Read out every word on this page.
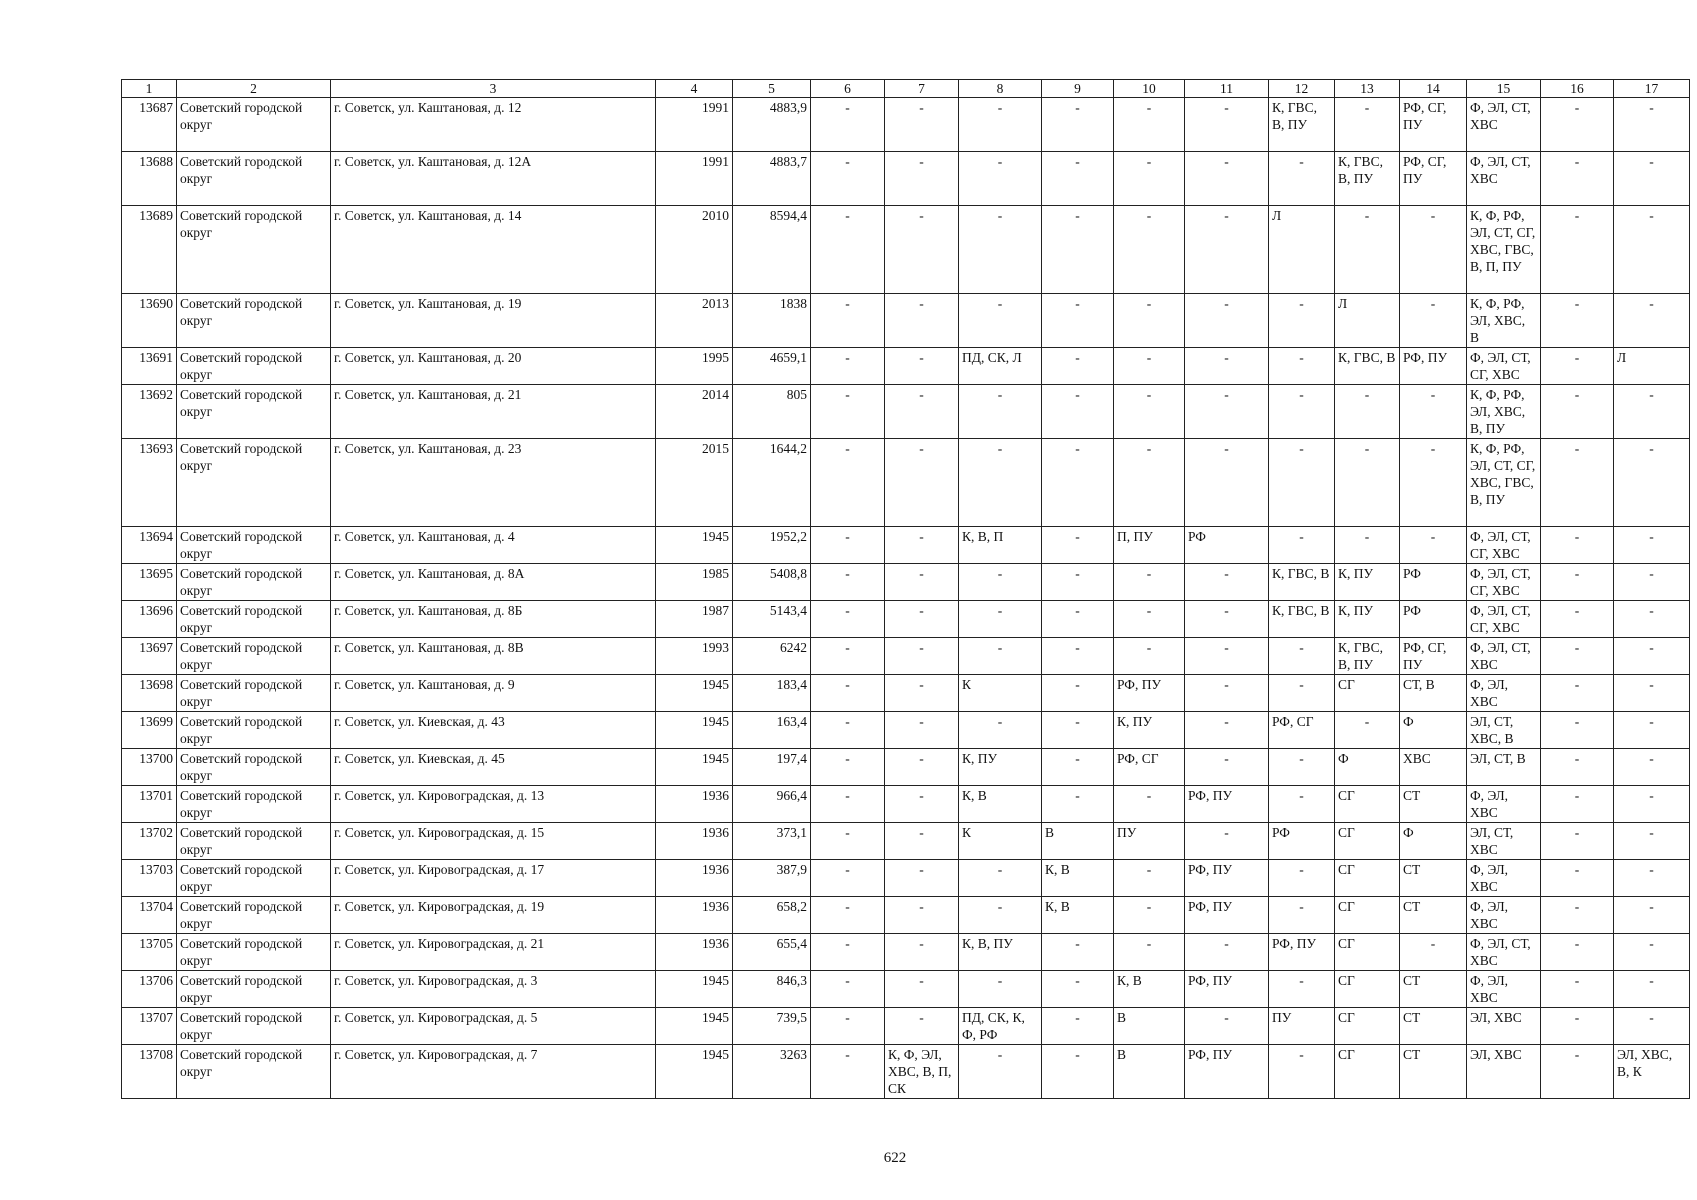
1	2	3	4	5	6	7	8	9	10	11	12	13	14	15	16	17
13687	Советский городской округ	г. Советск, ул. Каштановая, д. 12	1991	4883,9	-	-	-	-	-	-	К, ГВС, В, ПУ	-	РФ, СГ, ПУ	Ф, ЭЛ, СТ, ХВС	-	-
13688	Советский городской округ	г. Советск, ул. Каштановая, д. 12А	1991	4883,7	-	-	-	-	-	-	-	К, ГВС, В, ПУ	РФ, СГ, ПУ	Ф, ЭЛ, СТ, ХВС	-	-
13689	Советский городской округ	г. Советск, ул. Каштановая, д. 14	2010	8594,4	-	-	-	-	-	-	Л	-	-	К, Ф, РФ, ЭЛ, СТ, СГ, ХВС, ГВС, В, П, ПУ	-	-
13690	Советский городской округ	г. Советск, ул. Каштановая, д. 19	2013	1838	-	-	-	-	-	-	-	Л	-	К, Ф, РФ, ЭЛ, ХВС, В	-	-
13691	Советский городской округ	г. Советск, ул. Каштановая, д. 20	1995	4659,1	-	-	ПД, СК, Л	-	-	-	-	К, ГВС, В	РФ, ПУ	Ф, ЭЛ, СТ, СГ, ХВС	-	Л
13692	Советский городской округ	г. Советск, ул. Каштановая, д. 21	2014	805	-	-	-	-	-	-	-	-	-	К, Ф, РФ, ЭЛ, ХВС, В, ПУ	-	-
13693	Советский городской округ	г. Советск, ул. Каштановая, д. 23	2015	1644,2	-	-	-	-	-	-	-	-	-	К, Ф, РФ, ЭЛ, СТ, СГ, ХВС, ГВС, В, ПУ	-	-
13694	Советский городской округ	г. Советск, ул. Каштановая, д. 4	1945	1952,2	-	-	К, В, П	-	П, ПУ	РФ	-	-	-	Ф, ЭЛ, СТ, СГ, ХВС	-	-
13695	Советский городской округ	г. Советск, ул. Каштановая, д. 8А	1985	5408,8	-	-	-	-	-	-	К, ГВС, В	К, ПУ	РФ	Ф, ЭЛ, СТ, СГ, ХВС	-	-
13696	Советский городской округ	г. Советск, ул. Каштановая, д. 8Б	1987	5143,4	-	-	-	-	-	-	К, ГВС, В	К, ПУ	РФ	Ф, ЭЛ, СТ, СГ, ХВС	-	-
13697	Советский городской округ	г. Советск, ул. Каштановая, д. 8В	1993	6242	-	-	-	-	-	-	-	К, ГВС, В, ПУ	РФ, СГ, ПУ	Ф, ЭЛ, СТ, ХВС	-	-
13698	Советский городской округ	г. Советск, ул. Каштановая, д. 9	1945	183,4	-	-	К	-	РФ, ПУ	-	-	СГ	СТ, В	Ф, ЭЛ, ХВС	-	-
13699	Советский городской округ	г. Советск, ул. Киевская, д. 43	1945	163,4	-	-	-	-	К, ПУ	-	РФ, СГ	-	Ф	ЭЛ, СТ, ХВС, В	-	-
13700	Советский городской округ	г. Советск, ул. Киевская, д. 45	1945	197,4	-	-	К, ПУ	-	РФ, СГ	-	-	Ф	ХВС	ЭЛ, СТ, В	-	-
13701	Советский городской округ	г. Советск, ул. Кировоградская, д. 13	1936	966,4	-	-	К, В	-	-	РФ, ПУ	-	СГ	СТ	Ф, ЭЛ, ХВС	-	-
13702	Советский городской округ	г. Советск, ул. Кировоградская, д. 15	1936	373,1	-	-	К	В	ПУ	-	РФ	СГ	Ф	ЭЛ, СТ, ХВС	-	-
13703	Советский городской округ	г. Советск, ул. Кировоградская, д. 17	1936	387,9	-	-	-	К, В	-	РФ, ПУ	-	СГ	СТ	Ф, ЭЛ, ХВС	-	-
13704	Советский городской округ	г. Советск, ул. Кировоградская, д. 19	1936	658,2	-	-	-	К, В	-	РФ, ПУ	-	СГ	СТ	Ф, ЭЛ, ХВС	-	-
13705	Советский городской округ	г. Советск, ул. Кировоградская, д. 21	1936	655,4	-	-	К, В, ПУ	-	-	-	РФ, ПУ	СГ	-	Ф, ЭЛ, СТ, ХВС	-	-
13706	Советский городской округ	г. Советск, ул. Кировоградская, д. 3	1945	846,3	-	-	-	-	К, В	РФ, ПУ	-	СГ	СТ	Ф, ЭЛ, ХВС	-	-
13707	Советский городской округ	г. Советск, ул. Кировоградская, д. 5	1945	739,5	-	-	ПД, СК, К, Ф, РФ	-	В	-	ПУ	СГ	СТ	ЭЛ, ХВС	-	-
13708	Советский городской округ	г. Советск, ул. Кировоградская, д. 7	1945	3263	-	К, Ф, ЭЛ, ХВС, В, П, СК	-	-	В	РФ, ПУ	-	СГ	СТ	ЭЛ, ХВС	-	ЭЛ, ХВС, В, К
622
